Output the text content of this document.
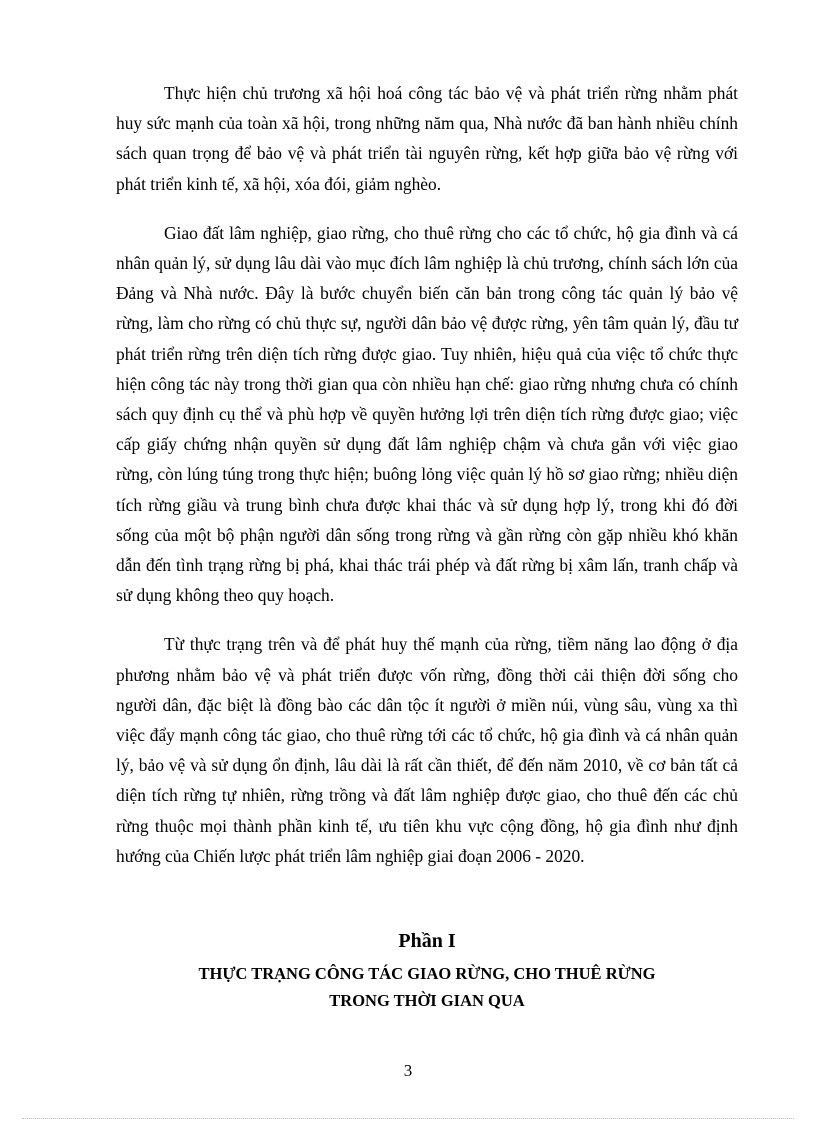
Thực hiện chủ trương xã hội hoá công tác bảo vệ và phát triển rừng nhằm phát huy sức mạnh của toàn xã hội, trong những năm qua, Nhà nước đã ban hành nhiều chính sách quan trọng để bảo vệ và phát triển tài nguyên rừng, kết hợp giữa bảo vệ rừng với phát triển kinh tế, xã hội, xóa đói, giảm nghèo.

Giao đất lâm nghiệp, giao rừng, cho thuê rừng cho các tổ chức, hộ gia đình và cá nhân quản lý, sử dụng lâu dài vào mục đích lâm nghiệp là chủ trương, chính sách lớn của Đảng và Nhà nước. Đây là bước chuyển biến căn bản trong công tác quản lý bảo vệ rừng, làm cho rừng có chủ thực sự, người dân bảo vệ được rừng, yên tâm quản lý, đầu tư phát triển rừng trên diện tích rừng được giao. Tuy nhiên, hiệu quả của việc tổ chức thực hiện công tác này trong thời gian qua còn nhiều hạn chế: giao rừng nhưng chưa có chính sách quy định cụ thể và phù hợp về quyền hưởng lợi trên diện tích rừng được giao; việc cấp giấy chứng nhận quyền sử dụng đất lâm nghiệp chậm và chưa gắn với việc giao rừng, còn lúng túng trong thực hiện; buông lỏng việc quản lý hồ sơ giao rừng; nhiều diện tích rừng giầu và trung bình chưa được khai thác và sử dụng hợp lý, trong khi đó đời sống của một bộ phận người dân sống trong rừng và gần rừng còn gặp nhiều khó khăn dẫn đến tình trạng rừng bị phá, khai thác trái phép và đất rừng bị xâm lấn, tranh chấp và sử dụng không theo quy hoạch.

Từ thực trạng trên và để phát huy thế mạnh của rừng, tiềm năng lao động ở địa phương nhằm bảo vệ và phát triển được vốn rừng, đồng thời cải thiện đời sống cho người dân, đặc biệt là đồng bào các dân tộc ít người ở miền núi, vùng sâu, vùng xa thì việc đẩy mạnh công tác giao, cho thuê rừng tới các tổ chức, hộ gia đình và cá nhân quản lý, bảo vệ và sử dụng ổn định, lâu dài là rất cần thiết, để đến năm 2010, về cơ bản tất cả diện tích rừng tự nhiên, rừng trồng và đất lâm nghiệp được giao, cho thuê đến các chủ rừng thuộc mọi thành phần kinh tế, ưu tiên khu vực cộng đồng, hộ gia đình như định hướng của Chiến lược phát triển lâm nghiệp giai đoạn 2006 - 2020.

Phần I
THỰC TRẠNG CÔNG TÁC GIAO RỪNG, CHO THUÊ RỪNG
TRONG THỜI GIAN QUA
3
